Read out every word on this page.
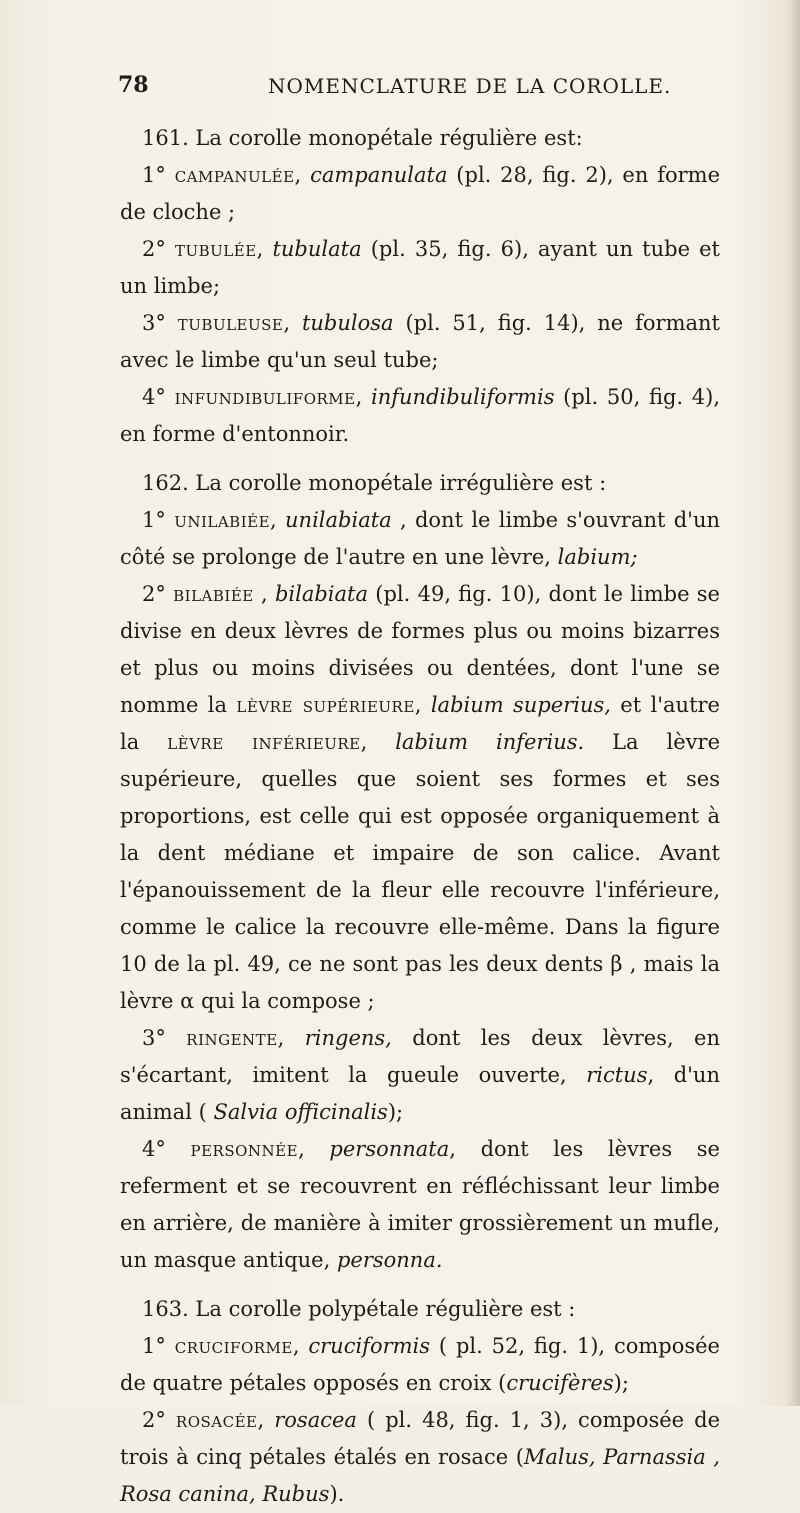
78	NOMENCLATURE DE LA COROLLE.

161. La corolle monopétale régulière est:

1° campanulée, campanulata (pl. 28, fig. 2), en forme de cloche ;

2° tubulée, tubulata (pl. 35, fig. 6), ayant un tube et un limbe;

3° tubuleuse, tubulosa (pl. 51, fig. 14), ne formant avec le limbe qu'un seul tube;

4° infundibuliforme, infundibuliformis (pl. 50, fig. 4), en forme d'entonnoir.

162. La corolle monopétale irrégulière est :

1° unilabiée, unilabiata , dont le limbe s'ouvrant d'un côté se prolonge de l'autre en une lèvre, labium;

2° bilabiée , bilabiata (pl. 49, fig. 10), dont le limbe se divise en deux lèvres de formes plus ou moins bizarres et plus ou moins divisées ou dentées, dont l'une se nomme la lèvre supérieure, labium superius, et l'autre la lèvre inférieure, labium inferius. La lèvre supérieure, quelles que soient ses formes et ses proportions, est celle qui est opposée organiquement à la dent médiane et impaire de son calice. Avant l'épanouissement de la fleur elle recouvre l'inférieure, comme le calice la recouvre elle-même. Dans la figure 10 de la pl. 49, ce ne sont pas les deux dents β , mais la lèvre α qui la compose ;

3° ringente, ringens, dont les deux lèvres, en s'écartant, imitent la gueule ouverte, rictus, d'un animal ( Salvia officinalis);

4° personnée, personnata, dont les lèvres se referment et se recouvrent en réfléchissant leur limbe en arrière, de manière à imiter grossièrement un mufle, un masque antique, personna.

163. La corolle polypétale régulière est :

1° cruciforme, cruciformis ( pl. 52, fig. 1), composée de quatre pétales opposés en croix (crucifères);

2° rosacée, rosacea ( pl. 48, fig. 1, 3), composée de trois à cinq pétales étalés en rosace (Malus, Parnassia , Rosa canina, Rubus).
